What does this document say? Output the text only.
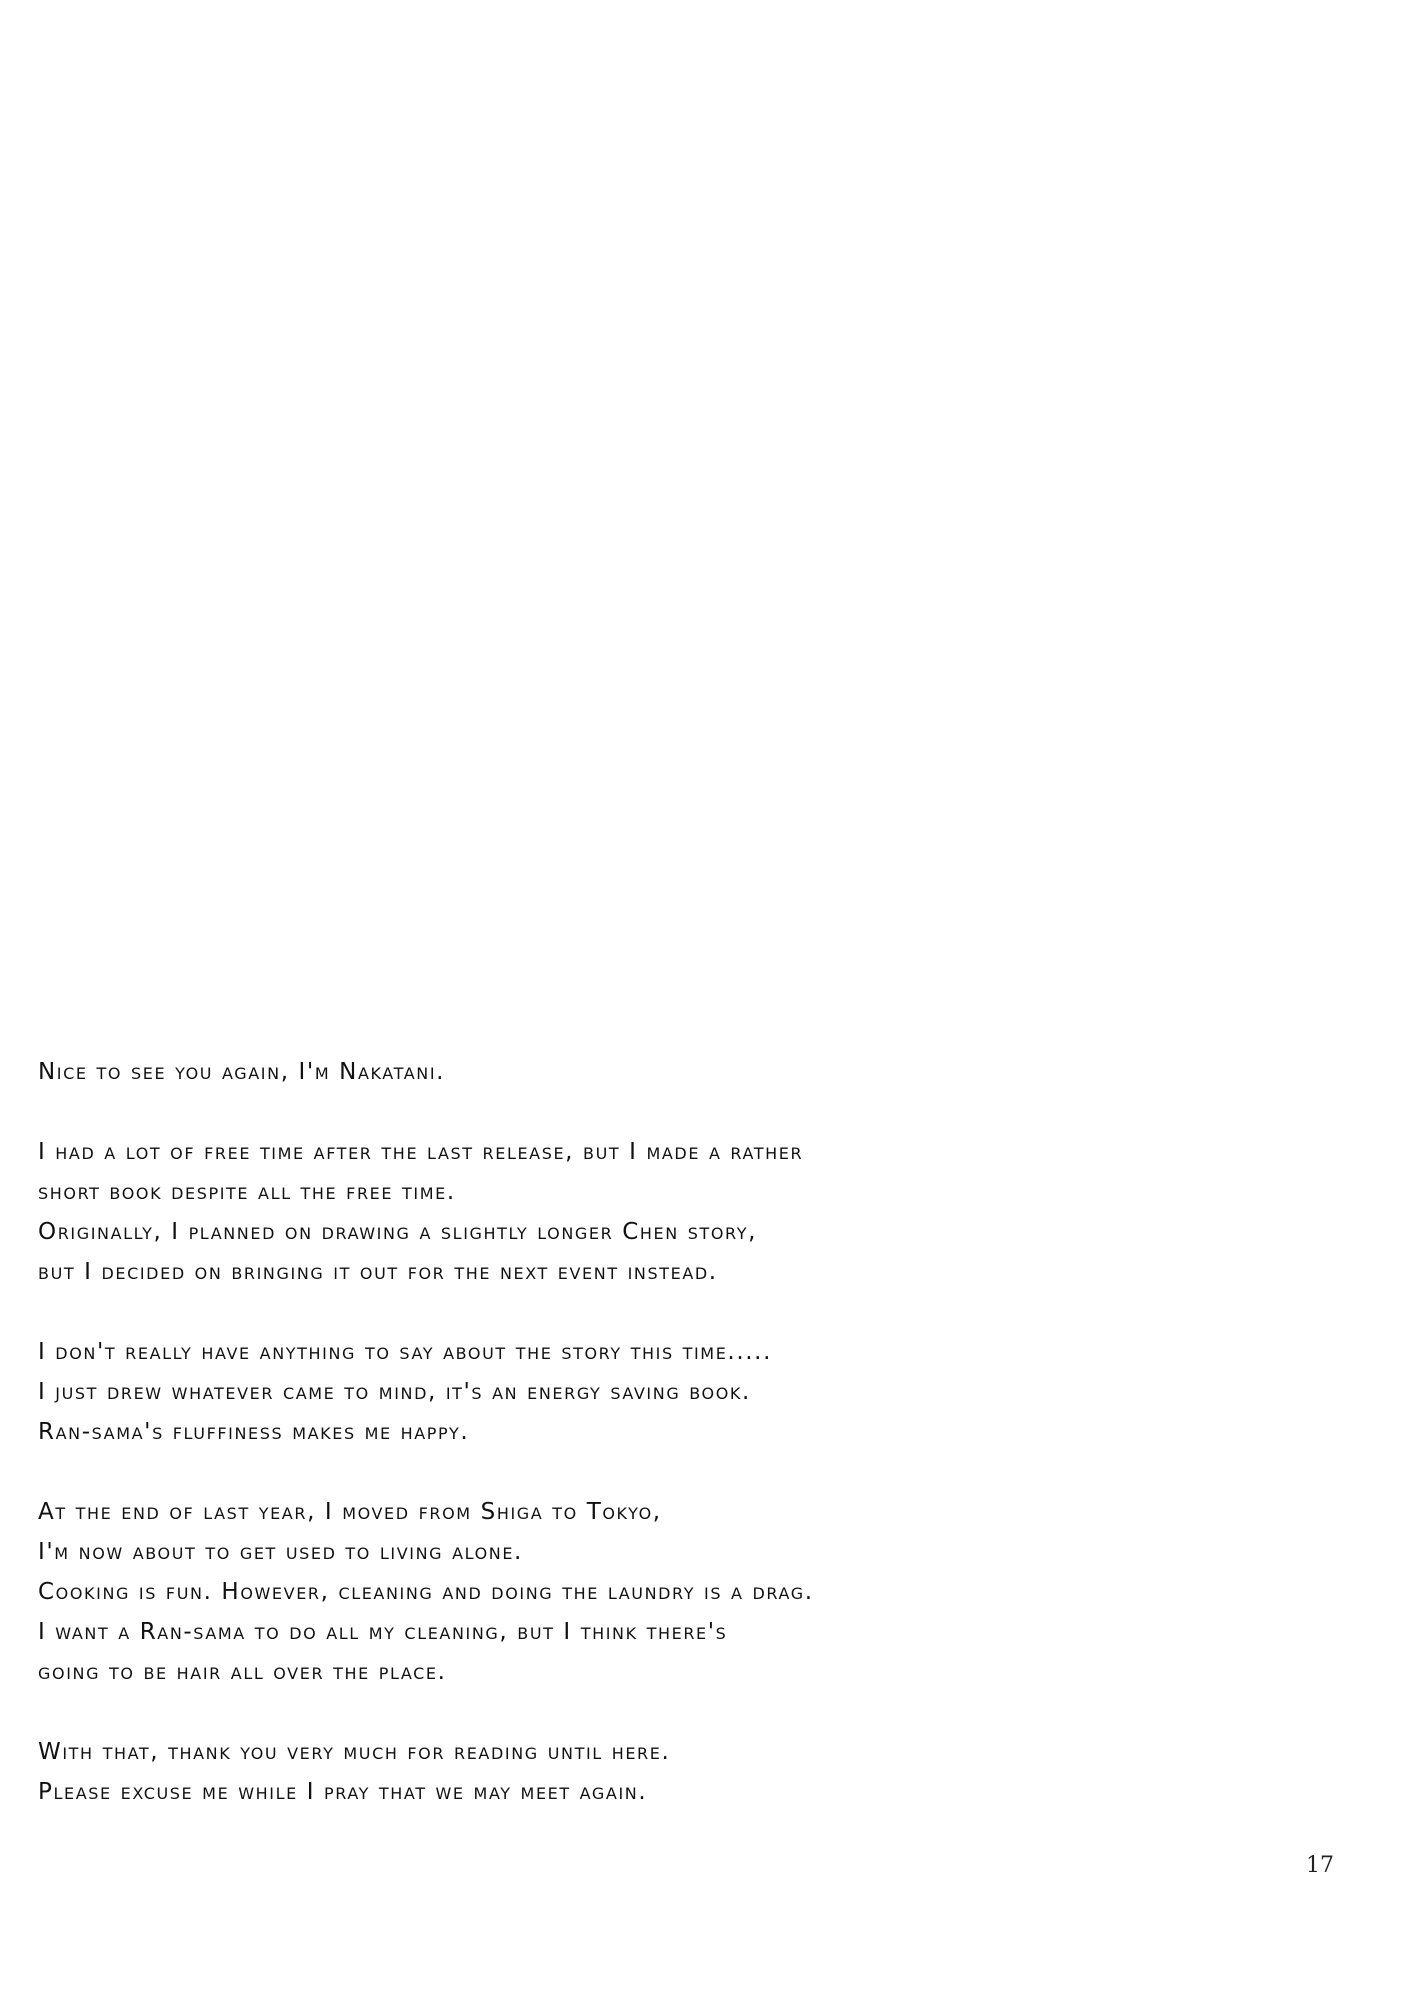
Nice to see you again, I'm Nakatani.
I had a lot of free time after the last release, but I made a rather
short book despite all the free time.
Originally, I planned on drawing a slightly longer Chen story,
but I decided on bringing it out for the next event instead.
I don't really have anything to say about the story this time.....
I just drew whatever came to mind, it's an energy saving book.
Ran-sama's fluffiness makes me happy.
At the end of last year, I moved from Shiga to Tokyo,
I'm now about to get used to living alone.
Cooking is fun. However, cleaning and doing the laundry is a drag.
I want a Ran-sama to do all my cleaning, but I think there's
going to be hair all over the place.
With that, thank you very much for reading until here.
Please excuse me while I pray that we may meet again.
17
